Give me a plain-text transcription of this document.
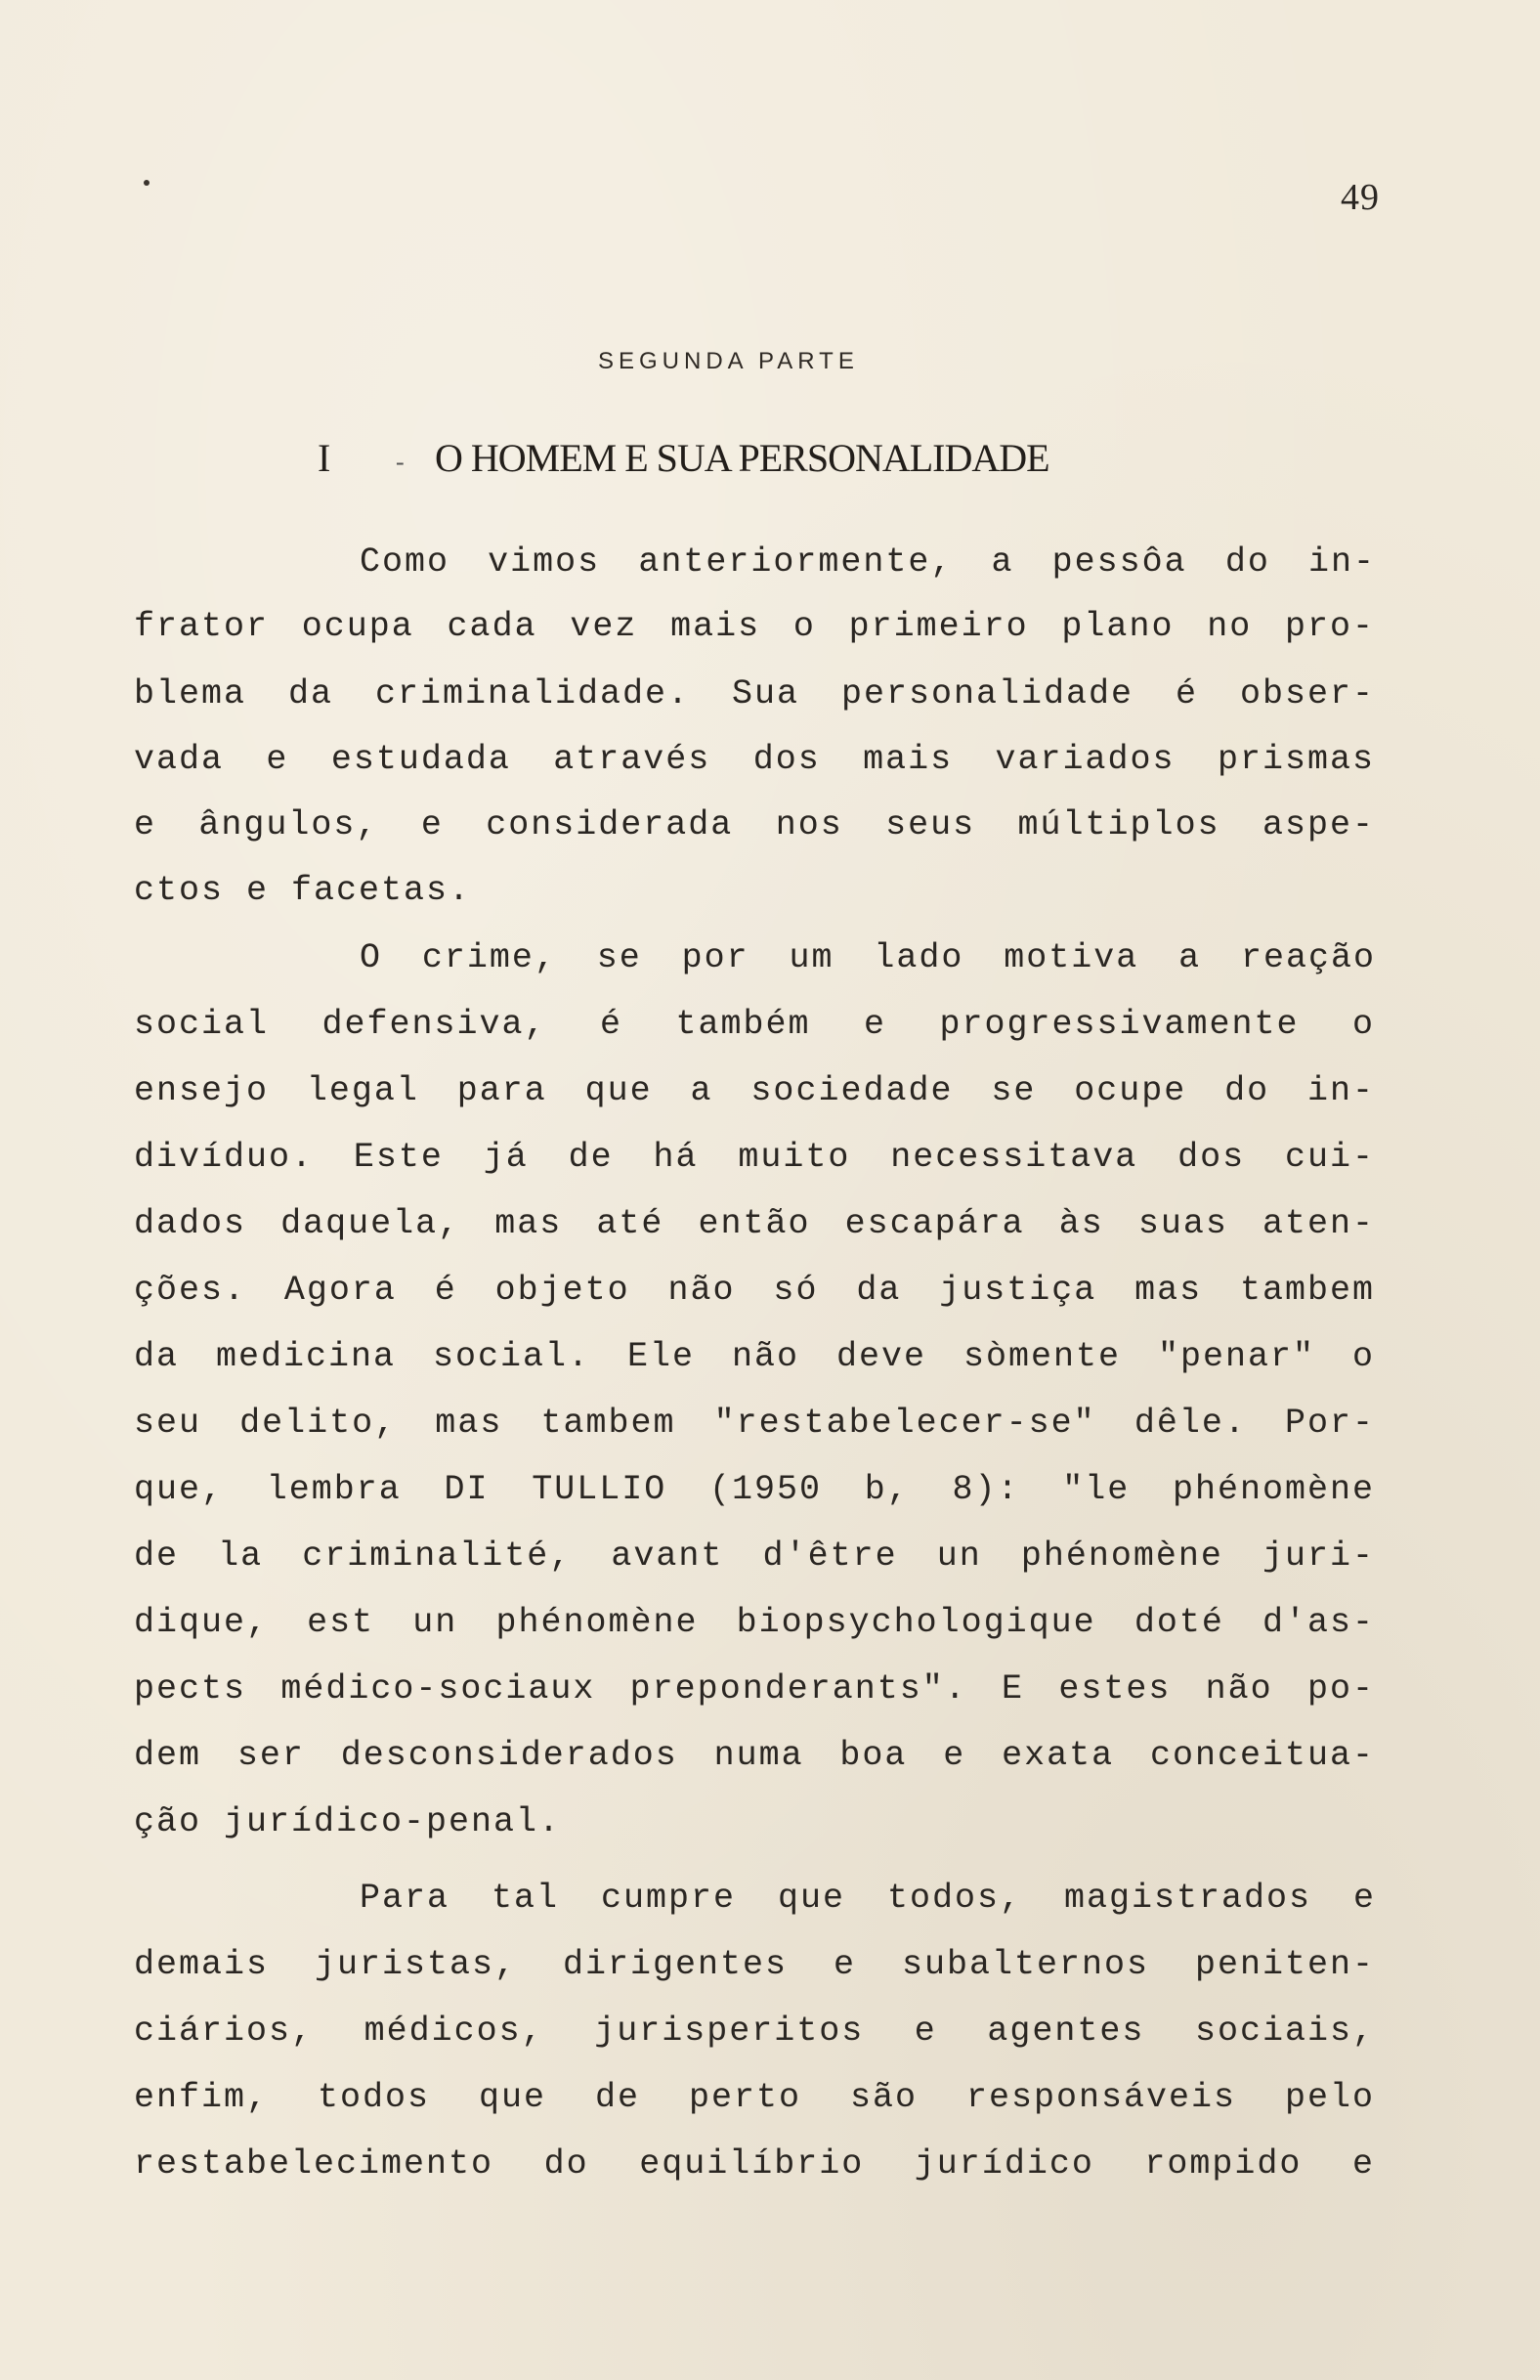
49
SEGUNDA PARTE
I	- O HOMEM E SUA PERSONALIDADE
Como vimos anteriormente, a pessôa do in-
frator ocupa cada vez mais o primeiro plano no pro-
blema da criminalidade. Sua personalidade é obser-
vada e estudada através dos mais variados prismas
e ângulos, e considerada nos seus múltiplos aspe-
ctos e facetas.
O crime, se por um lado motiva a reação
social defensiva, é também e progressivamente o
ensejo legal para que a sociedade se ocupe do in-
divíduo. Este já de há muito necessitava dos cui-
dados daquela, mas até então escapára às suas aten-
ções. Agora é objeto não só da justiça mas tambem
da medicina social. Ele não deve sòmente "penar" o
seu delito, mas tambem "restabelecer-se" dêle. Por-
que, lembra DI TULLIO (1950 b, 8): "le phénomène
de la criminalité, avant d'être un phénomène juri-
dique, est un phénomène biopsychologique doté d'as-
pects médico-sociaux preponderants". E estes não po-
dem ser desconsiderados numa boa e exata conceitua-
ção jurídico-penal.
Para tal cumpre que todos, magistrados e
demais juristas, dirigentes e subalternos peniten-
ciários, médicos, jurisperitos e agentes sociais,
enfim, todos que de perto são responsáveis pelo
restabelecimento do equilíbrio jurídico rompido e
